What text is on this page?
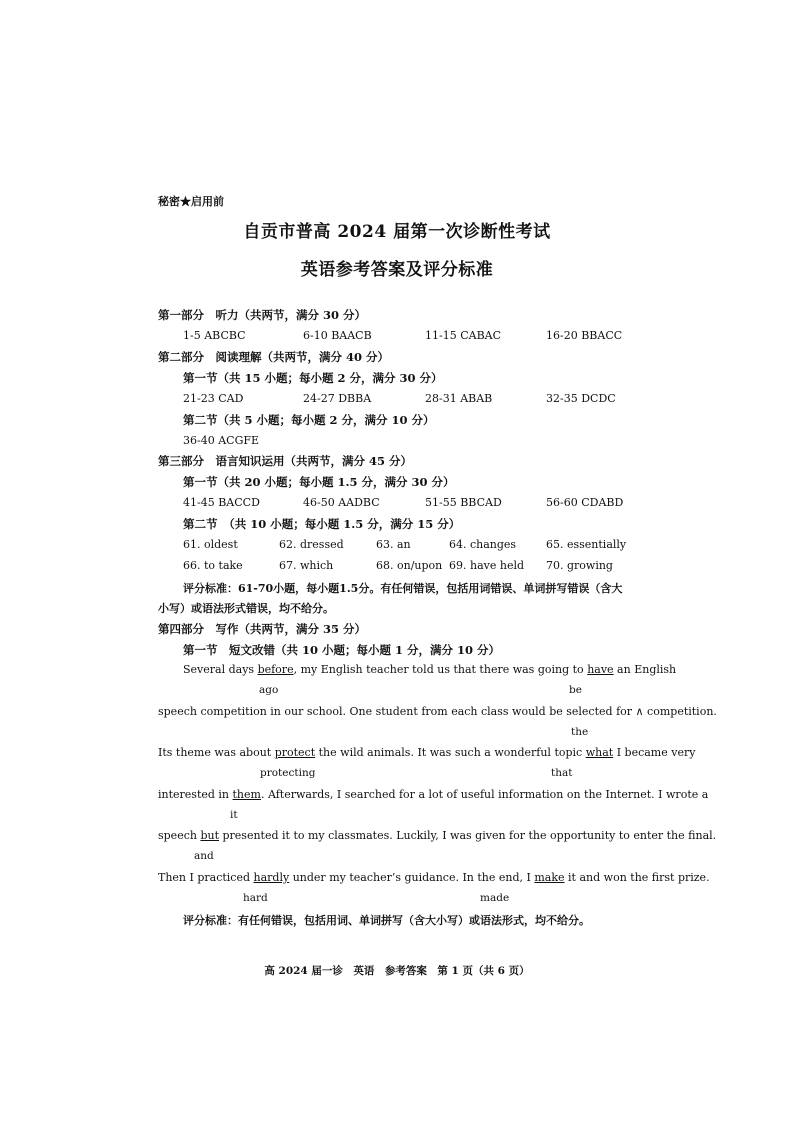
秘密★启用前
自贡市普高 2024 届第一次诊断性考试
英语参考答案及评分标准
第一部分　听力（共两节，满分 30 分）
1-5 ABCBC	6-10 BAACB	11-15 CABAC	16-20 BBACC
第二部分　阅读理解（共两节，满分 40 分）
第一节（共 15 小题；每小题 2 分，满分 30 分）
21-23 CAD	24-27 DBBA	28-31 ABAB	32-35 DCDC
第二节（共 5 小题；每小题 2 分，满分 10 分）
36-40 ACGFE
第三部分　语言知识运用（共两节，满分 45 分）
第一节（共 20 小题；每小题 1.5 分，满分 30 分）
41-45 BACCD	46-50 AADBC	51-55 BBCAD	56-60 CDABD
第二节　（共 10 小题；每小题 1.5 分，满分 15 分）
61. oldest	62. dressed	63. an	64. changes	65. essentially
66. to take	67. which	68. on/upon 69. have held 70. growing
评分标准：61-70小题，每小题1.5分。有任何错误，包括用词错误、单词拼写错误（含大
小写）或语法形式错误，均不给分。
第四部分　写作（共两节，满分 35 分）
第一节　短文改错（共 10 小题；每小题 1 分，满分 10 分）
Several days before, my English teacher told us that there was going to have an English
ago	be
speech competition in our school. One student from each class would be selected for ∧ competition.
the
Its theme was about protect the wild animals. It was such a wonderful topic what I became very
protecting	that
interested in them. Afterwards, I searched for a lot of useful information on the Internet. I wrote a
it
speech but presented it to my classmates. Luckily, I was given for the opportunity to enter the final.
and
Then I practiced hardly under my teacher’s guidance. In the end, I make it and won the first prize.
hard	made
评分标准：有任何错误，包括用词、单词拼写（含大小写）或语法形式，均不给分。
高 2024 届一诊　英语　参考答案　第 1 页（共 6 页）
